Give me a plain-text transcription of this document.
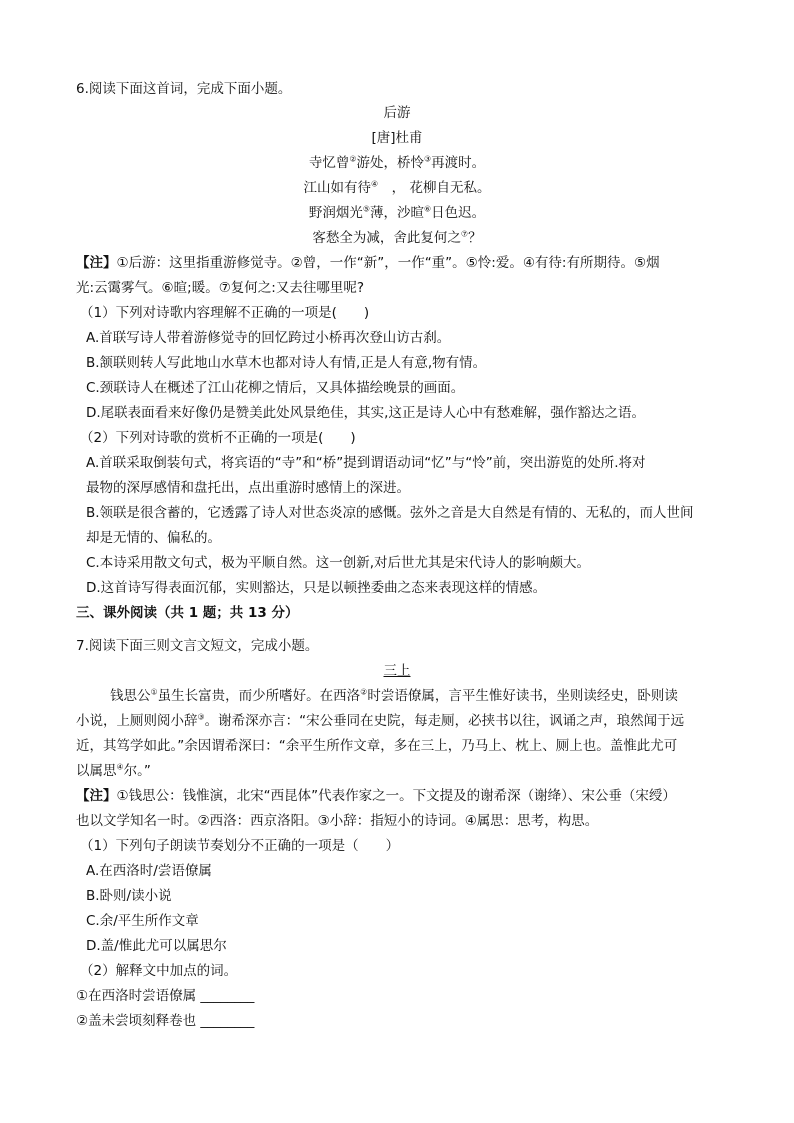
6.阅读下面这首词，完成下面小题。
后游
[唐]杜甫
寺忆曾②游处，桥怜③再渡时。
江山如有待④　， 花柳自无私。
野润烟光⑤薄，沙暄⑥日色迟。
客愁全为减，舍此复何之⑦？
【注】①后游：这里指重游修觉寺。②曾，一作“新”，一作“重”。⑤怜:爱。④有待:有所期待。⑤烟
光:云霭雾气。⑥暄;暖。⑦复何之:又去往哪里呢?
（1）下列对诗歌内容理解不正确的一项是(　　)
A.首联写诗人带着游修觉寺的回忆跨过小桥再次登山访古刹。
B.颔联则转人写此地山水草木也都对诗人有情,正是人有意,物有情。
C.颈联诗人在概述了江山花柳之情后，又具体描绘晚景的画面。
D.尾联表面看来好像仍是赞美此处风景绝佳，其实,这正是诗人心中有愁难解，强作豁达之语。
（2）下列对诗歌的赏析不正确的一项是(　　)
A.首联采取倒装句式，将宾语的“寺”和“桥”提到谓语动词“忆”与“怜”前，突出游览的处所.将对
最物的深厚感情和盘托出，点出重游时感情上的深进。
B.领联是很含蓄的，它透露了诗人对世态炎凉的感慨。弦外之音是大自然是有情的、无私的，而人世间
却是无情的、偏私的。
C.本诗采用散文句式，极为平顺自然。这一创新,对后世尤其是宋代诗人的影响颇大。
D.这首诗写得表面沉郁，实则豁达，只是以顿挫委曲之态来表现这样的情感。
三、课外阅读（共 1 题；共 13 分）
7.阅读下面三则文言文短文，完成小题。
三上
钱思公①虽生长富贵，而少所嗜好。在西洛②时尝语僚属，言平生惟好读书，坐则读经史，卧则读
小说，上厕则阅小辞③。谢希深亦言：“宋公垂同在史院，每走厕，必挟书以往，讽诵之声，琅然闻于远
近，其笃学如此。”余因谓希深曰：“余平生所作文章，多在三上，乃马上、枕上、厕上也。盖惟此尤可
以属思④尔。”
【注】①钱思公：钱惟演，北宋“西昆体”代表作家之一。下文提及的谢希深（谢绛）、宋公垂（宋绶）
也以文学知名一时。②西洛：西京洛阳。③小辞：指短小的诗词。④属思：思考，构思。
（1）下列句子朗读节奏划分不正确的一项是（　　）
A.在西洛时/尝语僚属
B.卧则/读小说
C.余/平生所作文章
D.盖/惟此尤可以属思尔
（2）解释文中加点的词。
①在西洛时尝语僚属 ________
②盖未尝顷刻释卷也 ________
